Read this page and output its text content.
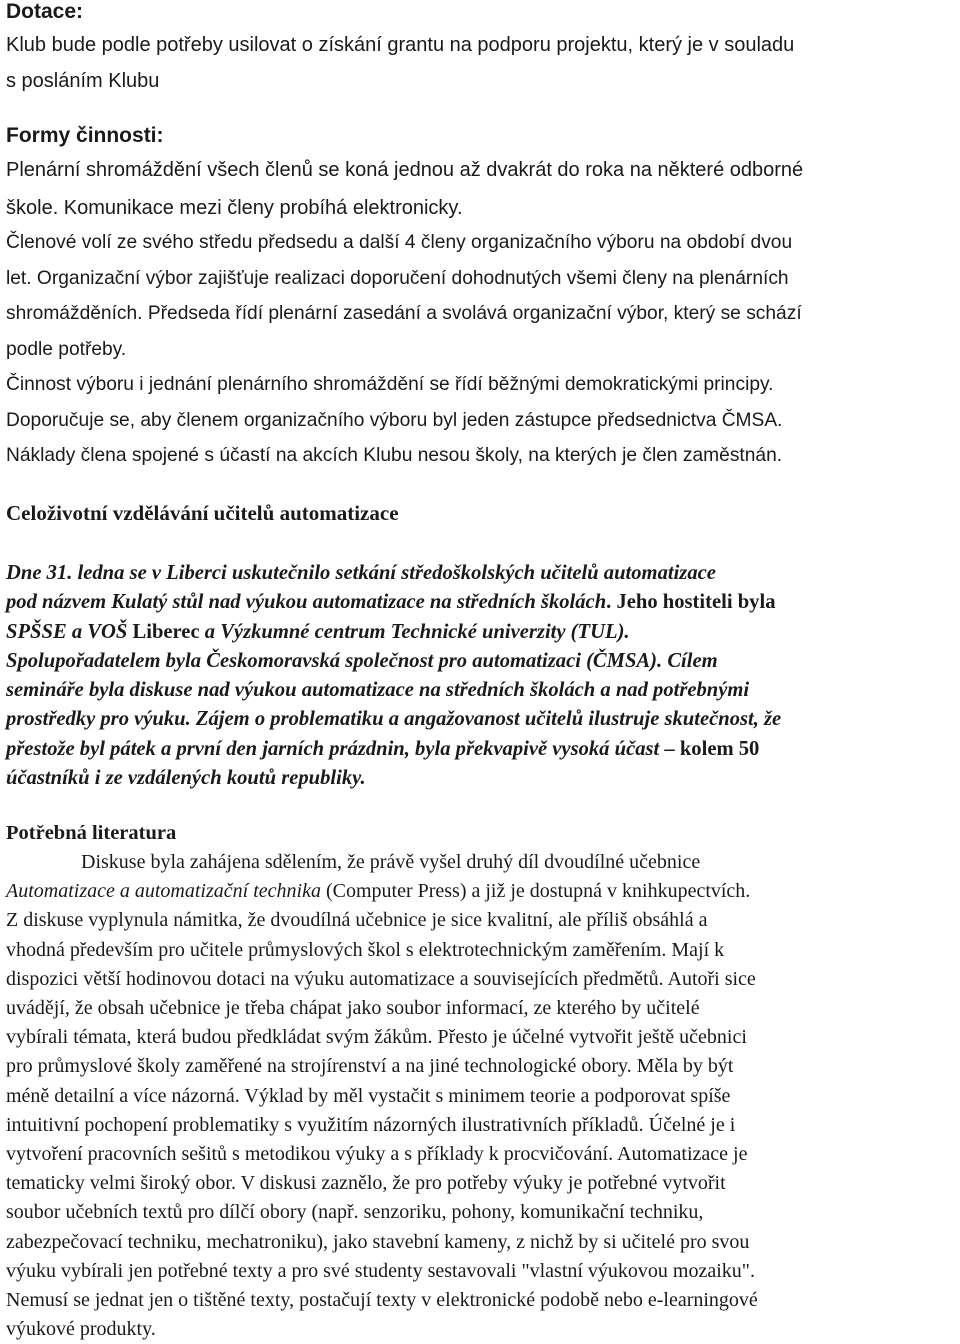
Dotace:

Klub bude podle potřeby usilovat o získání grantu na podporu projektu, který je v souladu

s posláním Klubu

Formy činnosti:

Plenární shromáždění všech členů se koná jednou až dvakrát do roka na některé odborné

škole. Komunikace mezi členy probíhá elektronicky.

Členové volí ze svého středu předsedu a další 4 členy organizačního výboru na období dvou
let. Organizační výbor zajišťuje realizaci doporučení dohodnutých všemi členy na plenárních
shromážděních. Předseda řídí plenární zasedání a svolává organizační výbor, který se schází
podle potřeby.
Činnost výboru i jednání plenárního shromáždění se řídí běžnými demokratickými principy.
Doporučuje se, aby členem organizačního výboru byl jeden zástupce předsednictva ČMSA.
Náklady člena spojené s účastí na akcích Klubu nesou školy, na kterých je člen zaměstnán.
Celoživotní vzdělávání učitelů automatizace
Dne 31. ledna se v Liberci uskutečnilo setkání středoškolských učitelů automatizace
pod názvem Kulatý stůl nad výukou automatizace na středních školách. Jeho hostiteli byla
SPŠSE a VOŠ Liberec a Výzkumné centrum Technické univerzity (TUL).
Spolupořadatelem byla Českomoravská společnost pro automatizaci (ČMSA). Cílem
semináře byla diskuse nad výukou automatizace na středních školách a nad potřebnými
prostředky pro výuku. Zájem o problematiku a angažovanost učitelů ilustruje skutečnost, že
přestože byl pátek a první den jarních prázdnin, byla překvapivě vysoká účast – kolem 50
účastníků i ze vzdálených koutů republiky.
Potřebná literatura
Diskuse byla zahájena sdělením, že právě vyšel druhý díl dvoudílné učebnice
Automatizace a automatizační technika (Computer Press) a již je dostupná v knihkupectvích.
Z diskuse vyplynula námitka, že dvoudílná učebnice je sice kvalitní, ale příliš obsáhlá a
vhodná především pro učitele průmyslových škol s elektrotechnickým zaměřením. Mají k
dispozici větší hodinovou dotaci na výuku automatizace a souvisejících předmětů. Autoři sice
uvádějí, že obsah učebnice je třeba chápat jako soubor informací, ze kterého by učitelé
vybírali témata, která budou předkládat svým žákům. Přesto je účelné vytvořit ještě učebnici
pro průmyslové školy zaměřené na strojírenství a na jiné technologické obory. Měla by být
méně detailní a více názorná. Výklad by měl vystačit s minimem teorie a podporovat spíše
intuitivní pochopení problematiky s využitím názorných ilustrativních příkladů. Účelné je i
vytvoření pracovních sešitů s metodikou výuky a s příklady k procvičování. Automatizace je
tematicky velmi široký obor. V diskusi zaznělo, že pro potřeby výuky je potřebné vytvořit
soubor učebních textů pro dílčí obory (např. senzoriku, pohony, komunikační techniku,
zabezpečovací techniku, mechatroniku), jako stavební kameny, z nichž by si učitelé pro svou
výuku vybírali jen potřebné texty a pro své studenty sestavovali "vlastní výukovou mozaiku".
Nemusí se jednat jen o tištěné texty, postačují texty v elektronické podobě nebo e-learningové
výukové produkty.
